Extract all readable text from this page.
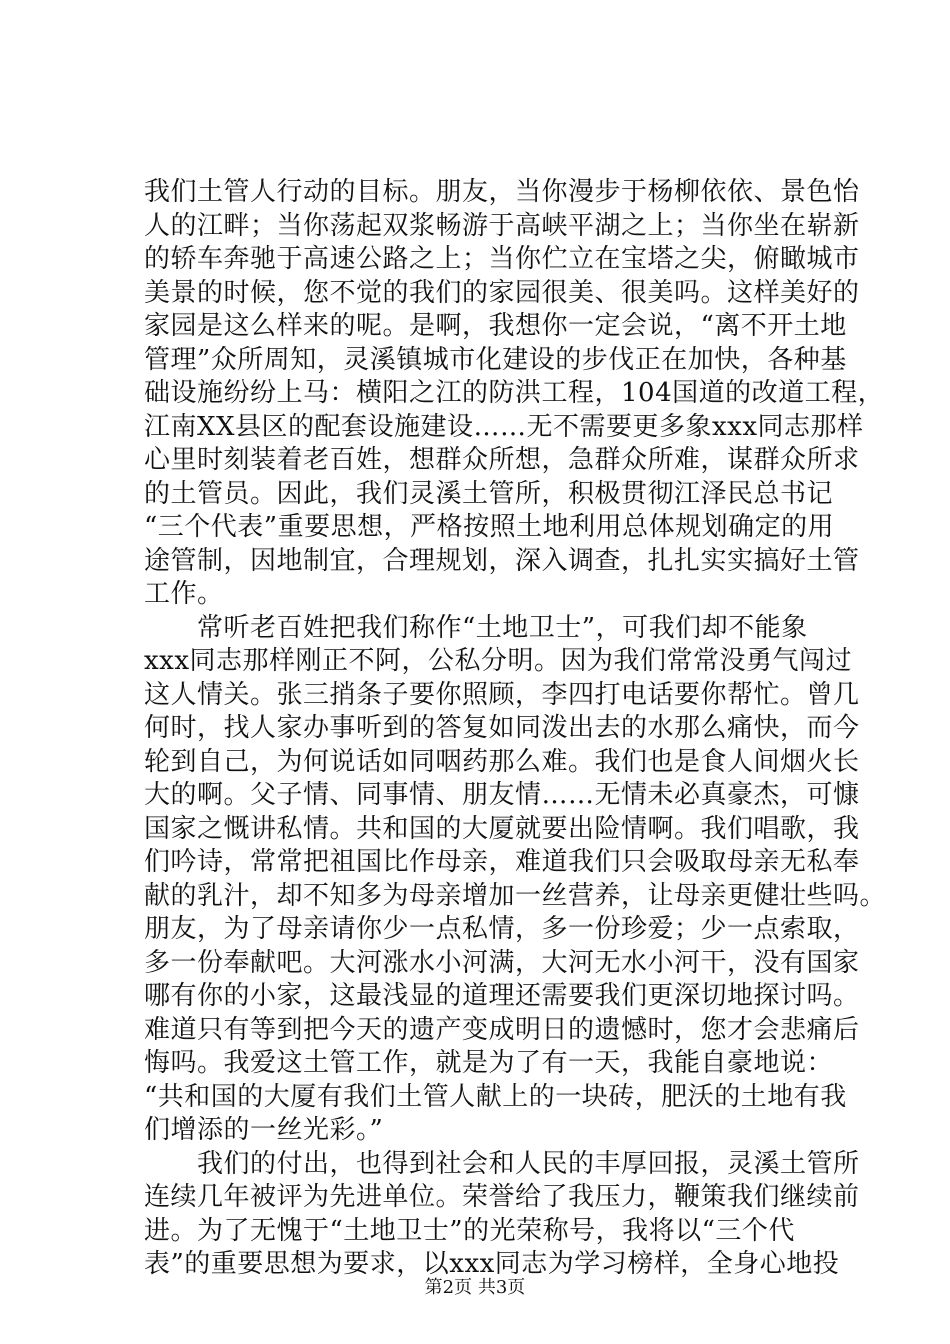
我们土管人行动的目标。朋友，当你漫步于杨柳依依、景色怡
人的江畔；当你荡起双浆畅游于高峡平湖之上；当你坐在崭新
的轿车奔驰于高速公路之上；当你伫立在宝塔之尖，俯瞰城市
美景的时候，您不觉的我们的家园很美、很美吗。这样美好的
家园是这么样来的呢。是啊，我想你一定会说，“离不开土地
管理”众所周知，灵溪镇城市化建设的步伐正在加快，各种基
础设施纷纷上马：横阳之江的防洪工程，104国道的改道工程，
江南XX县区的配套设施建设……无不需要更多象xxx同志那样
心里时刻装着老百姓，想群众所想，急群众所难，谋群众所求
的土管员。因此，我们灵溪土管所，积极贯彻江泽民总书记
“三个代表”重要思想，严格按照土地利用总体规划确定的用
途管制，因地制宜，合理规划，深入调查，扎扎实实搞好土管
工作。
　　常听老百姓把我们称作“土地卫士”，可我们却不能象
xxx同志那样刚正不阿，公私分明。因为我们常常没勇气闯过
这人情关。张三捎条子要你照顾，李四打电话要你帮忙。曾几
何时，找人家办事听到的答复如同泼出去的水那么痛快，而今
轮到自己，为何说话如同咽药那么难。我们也是食人间烟火长
大的啊。父子情、同事情、朋友情……无情未必真豪杰，可慷
国家之慨讲私情。共和国的大厦就要出险情啊。我们唱歌，我
们吟诗，常常把祖国比作母亲，难道我们只会吸取母亲无私奉
献的乳汁，却不知多为母亲增加一丝营养，让母亲更健壮些吗。
朋友，为了母亲请你少一点私情，多一份珍爱；少一点索取，
多一份奉献吧。大河涨水小河满，大河无水小河干，没有国家
哪有你的小家，这最浅显的道理还需要我们更深切地探讨吗。
难道只有等到把今天的遗产变成明日的遗憾时，您才会悲痛后
悔吗。我爱这土管工作，就是为了有一天，我能自豪地说：
“共和国的大厦有我们土管人献上的一块砖，肥沃的土地有我
们增添的一丝光彩。”
　　我们的付出，也得到社会和人民的丰厚回报，灵溪土管所
连续几年被评为先进单位。荣誉给了我压力，鞭策我们继续前
进。为了无愧于“土地卫士”的光荣称号，我将以“三个代
表”的重要思想为要求，以xxx同志为学习榜样，全身心地投
第2页 共3页
